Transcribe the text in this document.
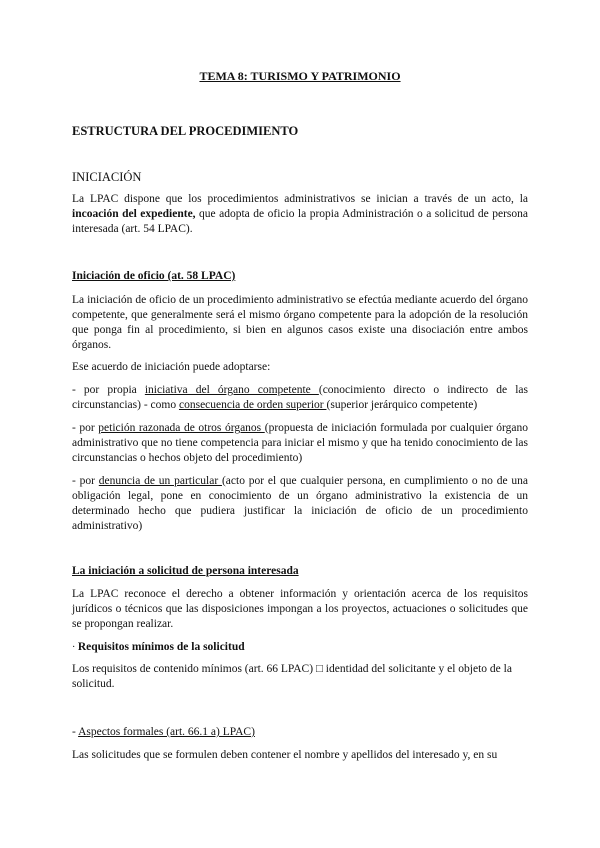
TEMA 8: TURISMO Y PATRIMONIO
ESTRUCTURA DEL PROCEDIMIENTO
INICIACIÓN
La LPAC dispone que los procedimientos administrativos se inician a través de un acto, la incoación del expediente, que adopta de oficio la propia Administración o a solicitud de persona interesada (art. 54 LPAC).
Iniciación de oficio (at. 58 LPAC)
La iniciación de oficio de un procedimiento administrativo se efectúa mediante acuerdo del órgano competente, que generalmente será el mismo órgano competente para la adopción de la resolución que ponga fin al procedimiento, si bien en algunos casos existe una disociación entre ambos órganos.
Ese acuerdo de iniciación puede adoptarse:
- por propia iniciativa del órgano competente (conocimiento directo o indirecto de las circunstancias) - como consecuencia de orden superior (superior jerárquico competente)
- por petición razonada de otros órganos (propuesta de iniciación formulada por cualquier órgano administrativo que no tiene competencia para iniciar el mismo y que ha tenido conocimiento de las circunstancias o hechos objeto del procedimiento)
- por denuncia de un particular (acto por el que cualquier persona, en cumplimiento o no de una obligación legal, pone en conocimiento de un órgano administrativo la existencia de un determinado hecho que pudiera justificar la iniciación de oficio de un procedimiento administrativo)
La iniciación a solicitud de persona interesada
La LPAC reconoce el derecho a obtener información y orientación acerca de los requisitos jurídicos o técnicos que las disposiciones impongan a los proyectos, actuaciones o solicitudes que se propongan realizar.
· Requisitos mínimos de la solicitud
Los requisitos de contenido mínimos (art. 66 LPAC) □ identidad del solicitante y el objeto de la solicitud.
- Aspectos formales (art. 66.1 a) LPAC)
Las solicitudes que se formulen deben contener el nombre y apellidos del interesado y, en su
